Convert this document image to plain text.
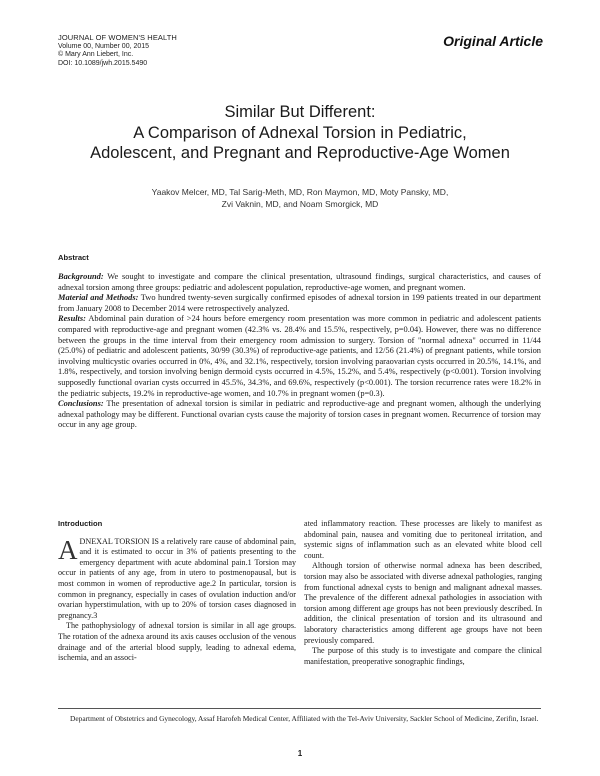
JOURNAL OF WOMEN'S HEALTH
Volume 00, Number 00, 2015
© Mary Ann Liebert, Inc.
DOI: 10.1089/jwh.2015.5490
Original Article
Similar But Different:
A Comparison of Adnexal Torsion in Pediatric,
Adolescent, and Pregnant and Reproductive-Age Women
Yaakov Melcer, MD, Tal Sarig-Meth, MD, Ron Maymon, MD, Moty Pansky, MD,
Zvi Vaknin, MD, and Noam Smorgick, MD
Abstract

Background: We sought to investigate and compare the clinical presentation, ultrasound findings, surgical characteristics, and causes of adnexal torsion among three groups: pediatric and adolescent population, reproductive-age women, and pregnant women.

Material and Methods: Two hundred twenty-seven surgically confirmed episodes of adnexal torsion in 199 patients treated in our department from January 2008 to December 2014 were retrospectively analyzed.

Results: Abdominal pain duration of >24 hours before emergency room presentation was more common in pediatric and adolescent patients compared with reproductive-age and pregnant women (42.3% vs. 28.4% and 15.5%, respectively, p=0.04). However, there was no difference between the groups in the time interval from their emergency room admission to surgery. Torsion of "normal adnexa" occurred in 11/44 (25.0%) of pediatric and adolescent patients, 30/99 (30.3%) of reproductive-age patients, and 12/56 (21.4%) of pregnant patients, while torsion involving multicystic ovaries occurred in 0%, 4%, and 32.1%, respectively, torsion involving paraovarian cysts occurred in 20.5%, 14.1%, and 1.8%, respectively, and torsion involving benign dermoid cysts occurred in 4.5%, 15.2%, and 5.4%, respectively (p<0.001). Torsion involving supposedly functional ovarian cysts occurred in 45.5%, 34.3%, and 69.6%, respectively (p<0.001). The torsion recurrence rates were 18.2% in the pediatric subjects, 19.2% in reproductive-age women, and 10.7% in pregnant women (p=0.3).

Conclusions: The presentation of adnexal torsion is similar in pediatric and reproductive-age and pregnant women, although the underlying adnexal pathology may be different. Functional ovarian cysts cause the majority of torsion cases in pregnant women. Recurrence of torsion may occur in any age group.

Introduction

ADNEXAL TORSION IS a relatively rare cause of abdominal pain, and it is estimated to occur in 3% of patients presenting to the emergency department with acute abdominal pain.1 Torsion may occur in patients of any age, from in utero to postmenopausal, but is most common in women of reproductive age.2 In particular, torsion is common in pregnancy, especially in cases of ovulation induction and/or ovarian hyperstimulation, with up to 20% of torsion cases diagnosed in pregnancy.3

The pathophysiology of adnexal torsion is similar in all age groups. The rotation of the adnexa around its axis causes occlusion of the venous drainage and of the arterial blood supply, leading to adnexal edema, ischemia, and an associ-

ated inflammatory reaction. These processes are likely to manifest as abdominal pain, nausea and vomiting due to peritoneal irritation, and systemic signs of inflammation such as an elevated white blood cell count.

Although torsion of otherwise normal adnexa has been described, torsion may also be associated with diverse adnexal pathologies, ranging from functional adnexal cysts to benign and malignant adnexal masses. The prevalence of the different adnexal pathologies in association with torsion among different age groups has not been previously described. In addition, the clinical presentation of torsion and its ultrasound and laboratory characteristics among different age groups have not been previously compared.

The purpose of this study is to investigate and compare the clinical manifestation, preoperative sonographic findings,

Department of Obstetrics and Gynecology, Assaf Harofeh Medical Center, Affiliated with the Tel-Aviv University, Sackler School of Medicine, Zerifin, Israel.
1
